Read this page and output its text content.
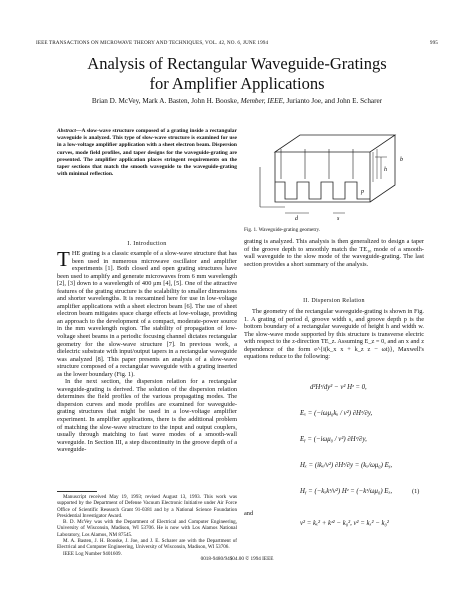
IEEE TRANSACTIONS ON MICROWAVE THEORY AND TECHNIQUES, VOL. 42, NO. 6, JUNE 1994	995
Analysis of Rectangular Waveguide-Gratings
for Amplifier Applications
Brian D. McVey, Mark A. Basten, John H. Booske, Member, IEEE, Jurianto Joe, and John E. Scharer
Abstract—A slow-wave structure composed of a grating inside a rectangular waveguide is analyzed. This type of slow-wave structure is examined for use in a low-voltage amplifier application with a sheet electron beam. Dispersion curves, mode field profiles, and taper designs for the waveguide-grating are presented. The amplifier application places stringent requirements on the taper sections that match the smooth waveguide to the waveguide-grating with minimal reflection.
I. Introduction

THE grating is a classic example of a slow-wave structure that has been used in numerous microwave oscillator and amplifier experiments [1]. Both closed and open grating structures have been used to amplify and generate microwaves from 6 mm wavelength [2], [3] down to a wavelength of 400 μm [4], [5]. One of the attractive features of the grating structure is the scalability to smaller dimensions and shorter wavelengths. It is reexamined here for use in low-voltage amplifier applications with a sheet electron beam [6]. The use of sheet electron beam mitigates space charge effects at low-voltage, providing an approach to the development of a compact, moderate-power source in the mm wavelength region. The stability of propagation of low-voltage sheet beams in a periodic focusing channel dictates rectangular geometry for the slow-wave structure [7]. In previous work, a dielectric substrate with input/output tapers in a rectangular waveguide was analyzed [8]. This paper presents an analysis of a slow-wave structure composed of a rectangular waveguide with a grating inserted as the lower boundary (Fig. 1).

In the next section, the dispersion relation for a rectangular waveguide-grating is derived. The solution of the dispersion relation determines the field profiles of the various propagating modes. The dispersion curves and mode profiles are examined for waveguide-grating structures that might be used in a low-voltage amplifier experiment. In amplifier applications, there is the additional problem of matching the slow-wave structure to the input and output couplers, usually through matching to fast wave modes of a smooth-wall waveguide. In Section III, a step discontinuity in the groove depth of a waveguide-

Manuscript received May 19, 1993; revised August 13, 1993. This work was supported by the Department of Defense Vacuum Electronic Initiative under Air Force Office of Scientific Research Grant 91-0381 and by a National Science Foundation Presidential Investigator Award.

B. D. McVey was with the Department of Electrical and Computer Engineering, University of Wisconsin, Madison, WI 53706. He is now with Los Alamos National Laboratory, Los Alamos, NM 87545.

M. A. Basten, J. H. Booske, J. Joe, and J. E. Scharer are with the Department of Electrical and Computer Engineering, University of Wisconsin, Madison, WI 53706.

IEEE Log Number 9401609.

d	s
h
p
b
Fig. 1. Waveguide-grating geometry.

grating is analyzed. This analysis is then generalized to design a taper of the groove depth to smoothly match the TE₁₀ mode of a smooth-wall waveguide to the slow mode of the waveguide-grating. The last section provides a short summary of the analysis.

II. Dispersion Relation

The geometry of the rectangular waveguide-grating is shown in Fig. 1. A grating of period d, groove width s, and groove depth p is the bottom boundary of a rectangular waveguide of height h and width w. The slow-wave mode supported by this structure is transverse electric with respect to the z-direction TE_z. Assuming E_z = 0, and an x and z dependence of the form e^{i(k_x x + k_z z − ωt)}, Maxwell's equations reduce to the following:

d²Hᶻ/dy² − ν² Hᶻ = 0,
Eₓ = (−iωμ₀kᵤ / ν²) ∂Hᶻ/∂y,
Eᵧ = (−iωμ₀ / ν²) ∂Hᶻ/∂y,
Hₓ = (ikₓ/ν²) ∂Hᶻ/∂y = (kₓ/ωμ₀) Eᵧ,
Hᵧ = (−kₓkᶻ/ν²) Hᶻ = (−kᶻ/ωμ₀) Eₓ,	(1)
and
ν² = kₓ² + kᶻ² − k₀², ν² = kₓ² − k₀²
0018-9480/94$04.00 © 1994 IEEE
